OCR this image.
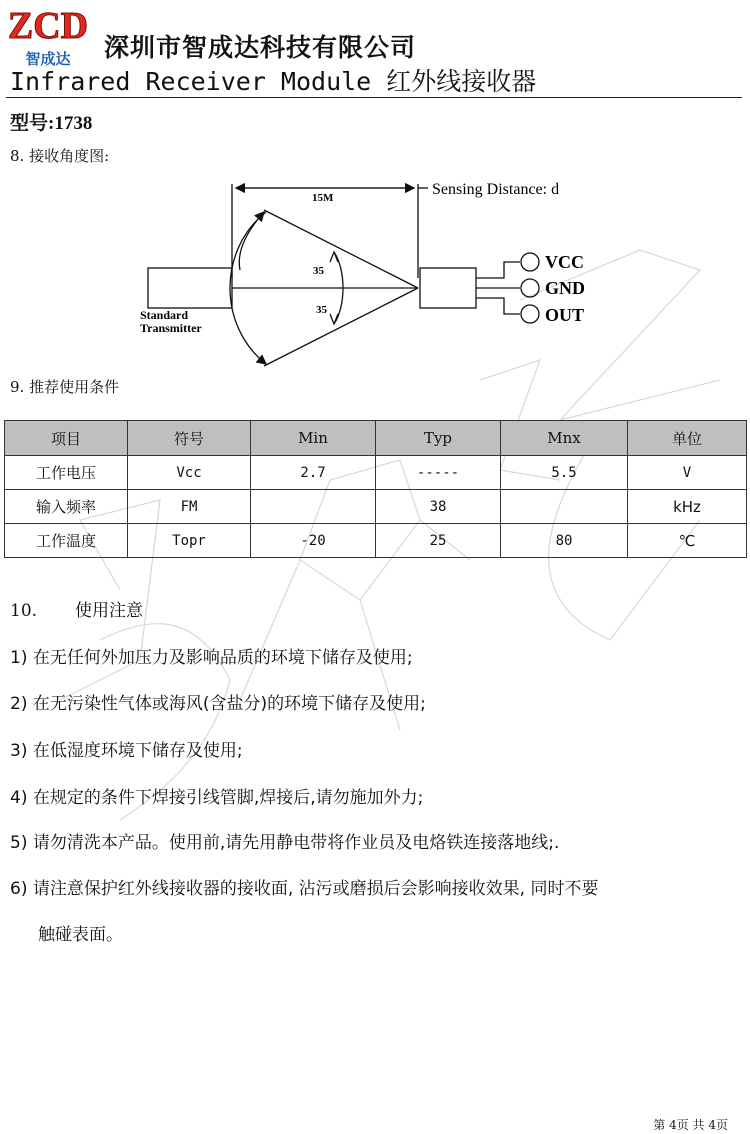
ZCD
智成达 深圳市智成达科技有限公司
Infrared Receiver Module 红外线接收器
型号:1738
8. 接收角度图:
15M	Sensing Distance: d
35
35
Standard
Transmitter
VCC
GND
OUT
9. 推荐使用条件
项目	符号	Min	Typ	Mnx	单位
工作电压	Vcc	2.7	-----	5.5	V
输入频率	FM		38		kHz
工作温度	Topr	-20	25	80	℃
10. 使用注意
1) 在无任何外加压力及影响品质的环境下储存及使用;
2) 在无污染性气体或海风(含盐分)的环境下储存及使用;
3) 在低湿度环境下储存及使用;
4) 在规定的条件下焊接引线管脚,焊接后,请勿施加外力;
5) 请勿清洗本产品。使用前,请先用静电带将作业员及电烙铁连接落地线;.
6) 请注意保护红外线接收器的接收面, 沾污或磨损后会影响接收效果, 同时不要
触碰表面。
第 4页 共 4页
